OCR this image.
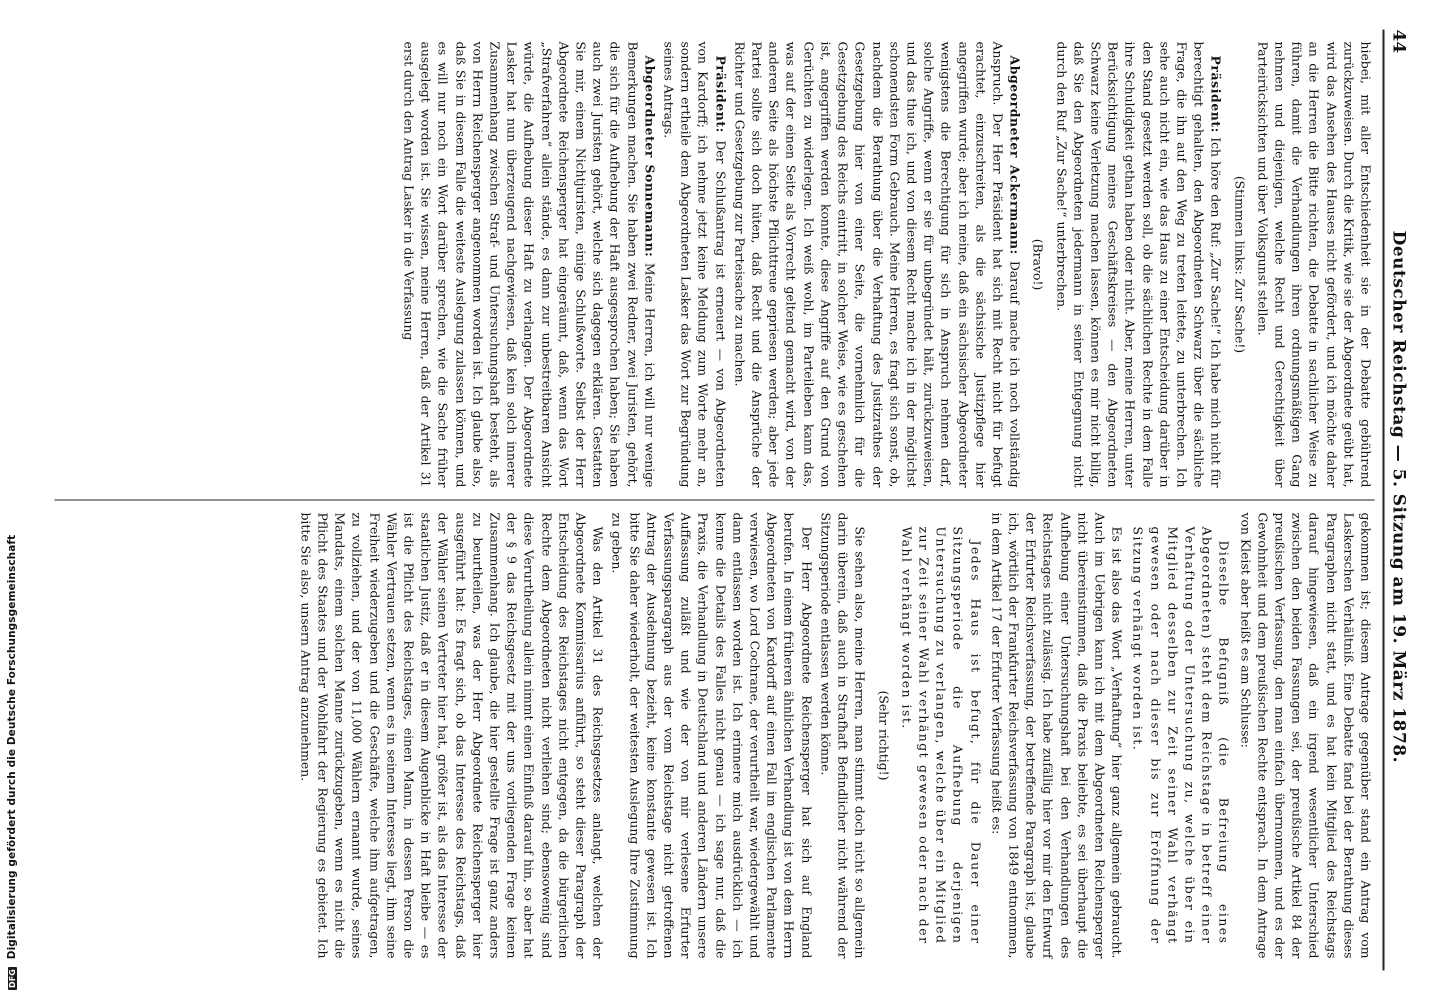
DFG Digitalisierung gefördert durch die Deutsche Forschungsgemeinschaft
44
Deutscher Reichstag — 5. Sitzung am 19. März 1878.

hiebei, mit aller Entschiedenheit sie in der Debatte gebührend zurückzuweisen. Durch die Kritik, wie sie der Abgeordnete geübt hat, wird das Ansehen des Hauses nicht gefördert, und ich möchte daher an die Herren die Bitte richten, die Debatte in sachlicher Weise zu führen, damit die Verhandlungen ihren ordnungsmäßigen Gang nehmen und diejenigen, welche Recht und Gerechtigkeit über Parteirücksichten und über Volksgunst stellen.

(Stimmen links: Zur Sache!)

Präsident: Ich höre den Ruf: „Zur Sache!“ Ich habe mich nicht für berechtigt gehalten, den Abgeordneten Schwarz über die sächliche Frage, die ihn auf den Weg zu treten leitete, zu unterbrechen. Ich sehe auch nicht ein, wie das Haus zu einer Entscheidung darüber in den Stand gesetzt werden soll, ob die sächlichen Rechte in dem Falle ihre Schuldigkeit gethan haben oder nicht. Aber, meine Herren, unter Berücksichtigung meines Geschäftskreises — den Abgeordneten Schwarz keine Verletzung machen lassen, können es mir nicht billig, daß Sie den Abgeordneten jedermann in seiner Entgegnung nicht durch den Ruf „Zur Sache!“ unterbrechen.

(Bravo!)

Abgeordneter Ackermann: Darauf mache ich noch vollständig Anspruch. Der Herr Präsident hat sich mit Recht nicht für befugt erachtet, einzuschreiten, als die sächsische Justizpflege hier angegriffen wurde; aber ich meine, daß ein sächsischer Abgeordneter wenigstens die Berechtigung für sich in Anspruch nehmen darf, solche Angriffe, wenn er sie für unbegründet hält, zurückzuweisen, und das thue ich, und von diesem Recht mache ich in der möglichst schonendsten Form Gebrauch. Meine Herren, es fragt sich sonst, ob, nachdem die Berathung über die Verhaftung des Justizrathes der Gesetzgebung hier von einer Seite, die vornehmlich für die Gesetzgebung des Reichs eintritt, in solcher Weise, wie es geschehen ist, angegriffen werden konnte, diese Angriffe auf den Grund von Gerüchten zu widerlegen. Ich weiß wohl, im Parteileben kann das, was auf der einen Seite als Vorrecht geltend gemacht wird, von der anderen Seite als höchste Pflichttreue gepriesen werden; aber jede Partei sollte sich doch hüten, daß Recht und die Ansprüche der Richter und Gesetzgebung zur Parteisache zu machen.

Präsident: Der Schlußantrag ist erneuert — von Abgeordneten von Kardorff; ich nehme jetzt keine Meldung zum Worte mehr an, sondern ertheile dem Abgeordneten Lasker das Wort zur Begründung seines Antrags.

Abgeordneter Sonnemann: Meine Herren, ich will nur wenige Bemerkungen machen. Sie haben zwei Redner, zwei Juristen, gehört, die sich für die Aufhebung der Haft ausgesprochen haben; Sie haben auch zwei Juristen gehört, welche sich dagegen erklären. Gestatten Sie mir, einem Nichtjuristen, einige Schlußworte. Selbst der Herr Abgeordnete Reichensperger hat eingeräumt, daß, wenn das Wort „Strafverfahren“ allein stände, es dann zur unbestreitbaren Ansicht würde, die Aufhebung dieser Haft zu verlangen. Der Abgeordnete Lasker hat nun überzeugend nachgewiesen, daß kein solch innerer Zusammenhang zwischen Straf- und Untersuchungshaft besteht, als von Herrn Reichensperger angenommen worden ist. Ich glaube also, daß Sie in diesem Falle die weiteste Auslegung zulassen können, und es will nur noch ein Wort darüber sprechen, wie die Sache früher ausgelegt worden ist. Sie wissen, meine Herren, daß der Artikel 31 erst durch den Antrag Lasker in die Verfassung

gekommen ist; diesem Antrage gegenüber stand ein Antrag vom Laskerschen Verhältniß. Eine Debatte fand bei der Berathung dieses Paragraphen nicht statt, und es hat kein Mitglied des Reichstags darauf hingewiesen, daß ein irgend wesentlicher Unterschied zwischen den beiden Fassungen sei, der preußische Artikel 84 der preußischen Verfassung, den man einfach übernommen, und es der Gewohnheit und dem preußischen Rechte entsprach. In dem Antrage von Kleist aber heißt es am Schlusse:

Dieselbe Befugniß (die Befreiung eines Abgeordneten) steht dem Reichstage in betreff einer Verhaftung oder Untersuchung zu, welche über ein Mitglied desselben zur Zeit seiner Wahl verhängt gewesen oder nach dieser bis zur Eröffnung der Sitzung verhängt worden ist.

Es ist also das Wort „Verhaftung“ hier ganz allgemein gebraucht. Auch im Uebrigen kann ich mit dem Abgeordneten Reichensperger nicht übereinstimmen, daß die Praxis beliebte, es sei überhaupt die Aufhebung einer Untersuchungshaft bei den Verhandlungen des Reichstages nicht zulässig. Ich habe zufällig hier vor mir den Entwurf der Erfurter Reichsverfassung, der betreffende Paragraph ist, glaube ich, wörtlich der Frankfurter Reichsverfassung von 1849 entnommen, in dem Artikel 17 der Erfurter Verfassung heißt es:

Jedes Haus ist befugt, für die Dauer einer Sitzungsperiode die Aufhebung derjenigen Untersuchung zu verlangen, welche über ein Mitglied zur Zeit seiner Wahl verhängt gewesen oder nach der Wahl verhängt worden ist.

(Sehr richtig!)

Sie sehen also, meine Herren, man stimmt doch nicht so allgemein darin überein, daß auch in Strafhaft Befindlicher nicht während der Sitzungsperiode entlassen werden könne.

Der Herr Abgeordnete Reichensperger hat sich auf England berufen. In einem früheren ähnlichen Verhandlung ist von dem Herrn Abgeordneten von Kardorff auf einen Fall im englischen Parlamente verwiesen, wo Lord Cochrane, der verurtheilt war, wiedergewählt und dann entlassen worden ist. Ich erinnere mich ausdrücklich — ich kenne die Details des Falles nicht genau — ich sage nur, daß die Praxis, die Verhandlung in Deutschland und anderen Ländern unsere Auffassung zuläßt und wie der von mir verlesene Erfurter Verfassungsparagraph aus der vom Reichstage nicht getroffenen Antrag der Ausdehnung bezieht, keine konstante gewesen ist. Ich bitte Sie daher wiederholt, der weitesten Auslegung Ihre Zustimmung zu geben.

Was den Artikel 31 des Reichsgesetzes anlangt, welchen der Abgeordnete Kommissarius anführt, so steht dieser Paragraph der Entscheidung des Reichstages nicht entgegen, da die bürgerlichen Rechte dem Abgeordneten nicht verliehen sind; ebensowenig sind diese Verurtheilung allein nimmt einen Einfluß darauf hin, so aber hat der § 9 das Reichsgesetz mit der uns vorliegenden Frage keinen Zusammenhang. Ich glaube, die hier gestellte Frage ist ganz anders zu beurtheilen, was der Herr Abgeordnete Reichensperger hier ausgeführt hat: Es fragt sich, ob das Interesse des Reichstags, daß der Wähler seinen Vertreter hier hat, größer ist, als das Interesse der staatlichen Justiz, daß er in diesem Augenblicke in Haft bleibe — es ist die Pflicht des Reichstages, einen Mann, in dessen Person die Wähler Vertrauen setzen, wenn es in seinem Interesse liegt, ihm seine Freiheit wiederzugeben und die Geschäfte, welche ihm aufgetragen, zu vollziehen, und der von 11,000 Wählern ernannt wurde, seines Mandats, einem solchen Manne zurückzugeben, wenn es nicht die Pflicht des Staates und der Wohlfahrt der Regierung es gebietet. Ich bitte Sie also, unsern Antrag anzunehmen.
